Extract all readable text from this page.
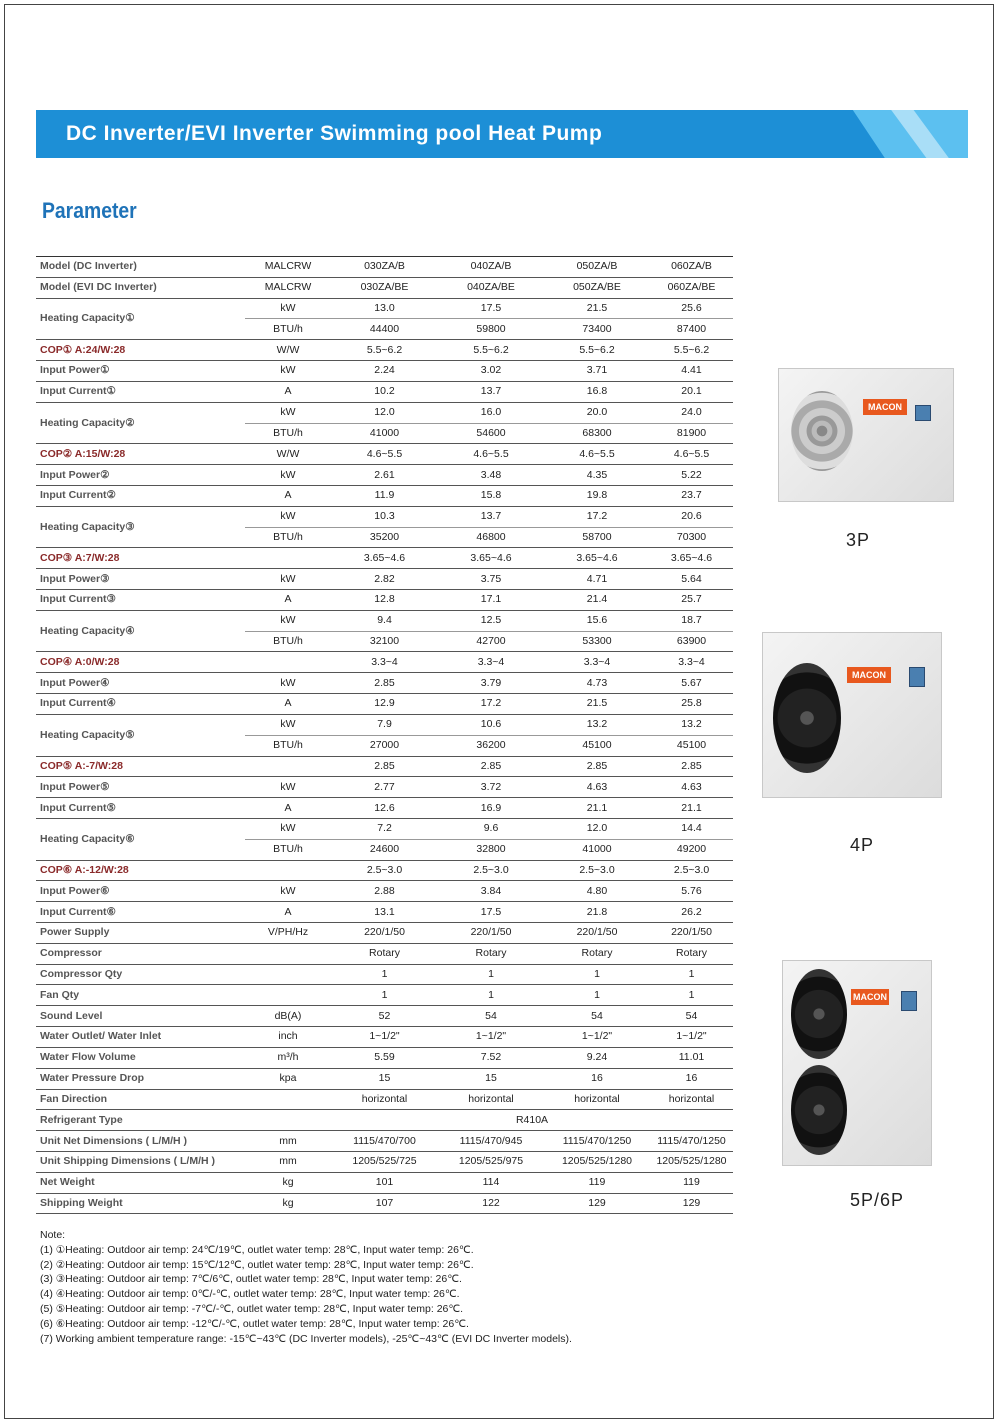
DC Inverter/EVI Inverter Swimming pool Heat Pump
Parameter
Model (DC Inverter)	MALCRW	030ZA/B	040ZA/B	050ZA/B	060ZA/B
Model (EVI DC Inverter)	MALCRW	030ZA/BE	040ZA/BE	050ZA/BE	060ZA/BE
Heating Capacity①	kW	13.0	17.5	21.5	25.6
	BTU/h	44400	59800	73400	87400
COP① A:24/W:28	W/W	5.5~6.2	5.5~6.2	5.5~6.2	5.5~6.2
Input Power①	kW	2.24	3.02	3.71	4.41
Input Current①	A	10.2	13.7	16.8	20.1
Heating Capacity②	kW	12.0	16.0	20.0	24.0
	BTU/h	41000	54600	68300	81900
COP② A:15/W:28	W/W	4.6~5.5	4.6~5.5	4.6~5.5	4.6~5.5
Input Power②	kW	2.61	3.48	4.35	5.22
Input Current②	A	11.9	15.8	19.8	23.7
Heating Capacity③	kW	10.3	13.7	17.2	20.6
	BTU/h	35200	46800	58700	70300
COP③ A:7/W:28		3.65~4.6	3.65~4.6	3.65~4.6	3.65~4.6
Input Power③	kW	2.82	3.75	4.71	5.64
Input Current③	A	12.8	17.1	21.4	25.7
Heating Capacity④	kW	9.4	12.5	15.6	18.7
	BTU/h	32100	42700	53300	63900
COP④ A:0/W:28		3.3~4	3.3~4	3.3~4	3.3~4
Input Power④	kW	2.85	3.79	4.73	5.67
Input Current④	A	12.9	17.2	21.5	25.8
Heating Capacity⑤	kW	7.9	10.6	13.2	13.2
	BTU/h	27000	36200	45100	45100
COP⑤ A:-7/W:28		2.85	2.85	2.85	2.85
Input Power⑤	kW	2.77	3.72	4.63	4.63
Input Current⑤	A	12.6	16.9	21.1	21.1
Heating Capacity⑥	kW	7.2	9.6	12.0	14.4
	BTU/h	24600	32800	41000	49200
COP⑥ A:-12/W:28		2.5~3.0	2.5~3.0	2.5~3.0	2.5~3.0
Input Power⑥	kW	2.88	3.84	4.80	5.76
Input Current⑥	A	13.1	17.5	21.8	26.2
Power Supply	V/PH/Hz	220/1/50	220/1/50	220/1/50	220/1/50
Compressor		Rotary	Rotary	Rotary	Rotary
Compressor Qty		1	1	1	1
Fan Qty		1	1	1	1
Sound Level	dB(A)	52	54	54	54
Water Outlet/ Water Inlet	inch	1~1/2"	1~1/2"	1~1/2"	1~1/2"
Water Flow Volume	m³/h	5.59	7.52	9.24	11.01
Water Pressure Drop	kpa	15	15	16	16
Fan Direction		horizontal	horizontal	horizontal	horizontal
Refrigerant Type		R410A			
Unit Net Dimensions ( L/M/H )	mm	1115/470/700	1115/470/945	1115/470/1250	1115/470/1250
Unit Shipping Dimensions ( L/M/H )	mm	1205/525/725	1205/525/975	1205/525/1280	1205/525/1280
Net Weight	kg	101	114	119	119
Shipping Weight	kg	107	122	129	129
MACON
3P
MACON
4P
MACON
5P/6P
Note:
(1) ①Heating: Outdoor air temp: 24℃/19℃, outlet water temp: 28℃, Input water temp: 26℃.
(2) ②Heating: Outdoor air temp: 15℃/12℃, outlet water temp: 28℃, Input water temp: 26℃.
(3) ③Heating: Outdoor air temp: 7℃/6℃, outlet water temp: 28℃, Input water temp: 26℃.
(4) ④Heating: Outdoor air temp: 0℃/-℃, outlet water temp: 28℃, Input water temp: 26℃.
(5) ⑤Heating: Outdoor air temp: -7℃/-℃, outlet water temp: 28℃, Input water temp: 26℃.
(6) ⑥Heating: Outdoor air temp: -12℃/-℃, outlet water temp: 28℃, Input water temp: 26℃.
(7) Working ambient temperature range: -15℃~43℃ (DC Inverter models), -25℃~43℃ (EVI DC Inverter models).
